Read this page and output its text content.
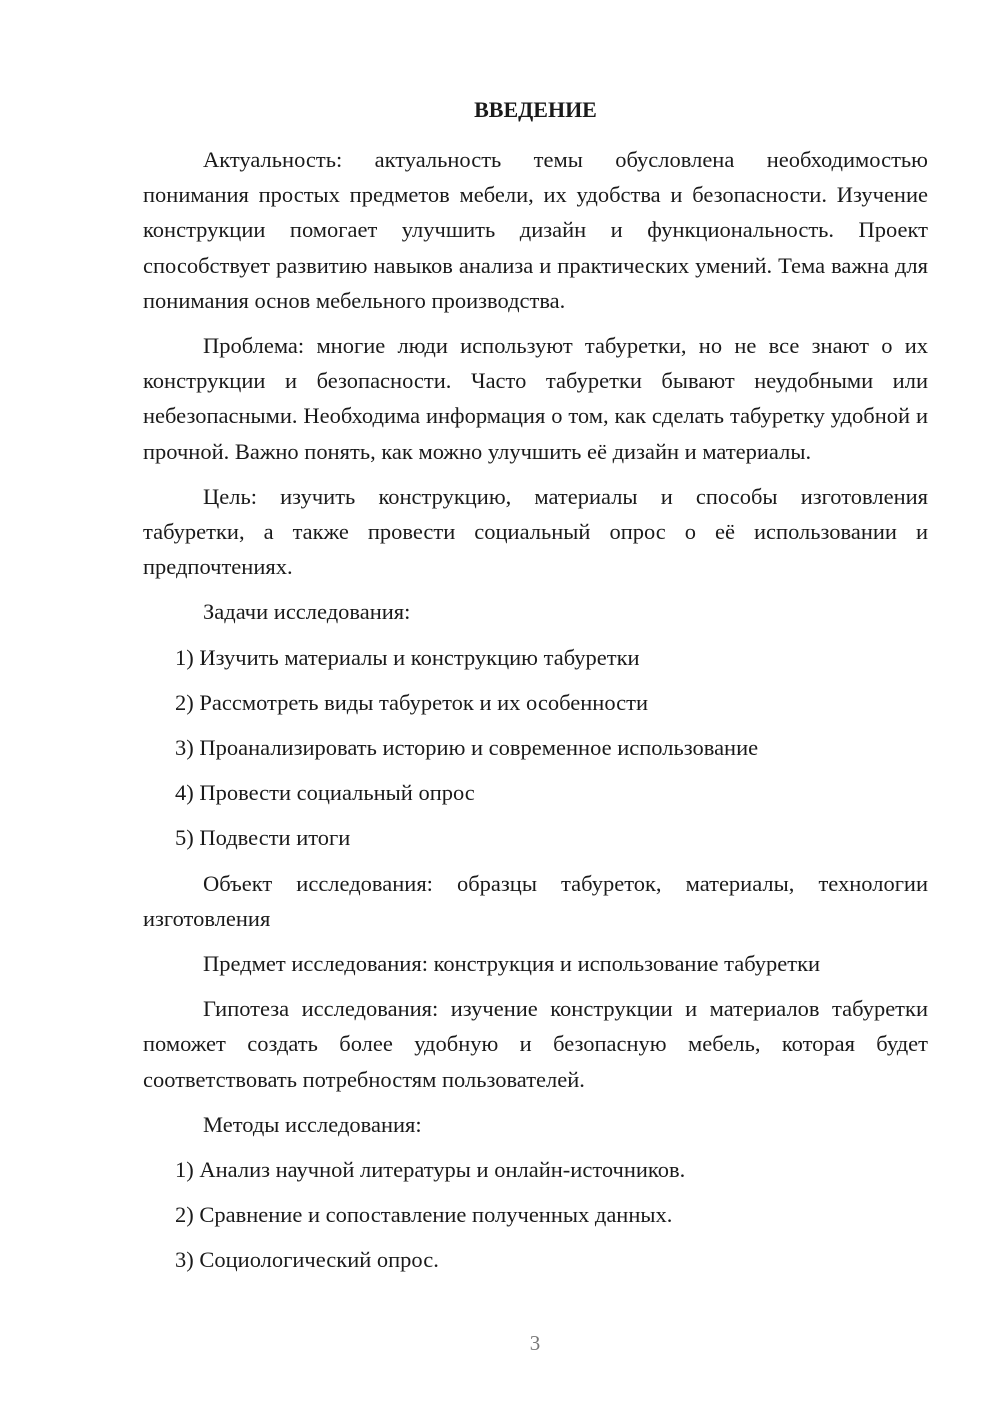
ВВЕДЕНИЕ

Актуальность: актуальность темы обусловлена необходимостью понимания простых предметов мебели, их удобства и безопасности. Изучение конструкции помогает улучшить дизайн и функциональность. Проект способствует развитию навыков анализа и практических умений. Тема важна для понимания основ мебельного производства.

Проблема: многие люди используют табуретки, но не все знают о их конструкции и безопасности. Часто табуретки бывают неудобными или небезопасными. Необходима информация о том, как сделать табуретку удобной и прочной. Важно понять, как можно улучшить её дизайн и материалы.

Цель: изучить конструкцию, материалы и способы изготовления табуретки, а также провести социальный опрос о её использовании и предпочтениях.

Задачи исследования:

1) Изучить материалы и конструкцию табуретки
2) Рассмотреть виды табуреток и их особенности
3) Проанализировать историю и современное использование
4) Провести социальный опрос
5) Подвести итоги

Объект исследования: образцы табуреток, материалы, технологии изготовления

Предмет исследования: конструкция и использование табуретки

Гипотеза исследования: изучение конструкции и материалов табуретки поможет создать более удобную и безопасную мебель, которая будет соответствовать потребностям пользователей.

Методы исследования:

1) Анализ научной литературы и онлайн-источников.
2) Сравнение и сопоставление полученных данных.
3) Социологический опрос.
3
